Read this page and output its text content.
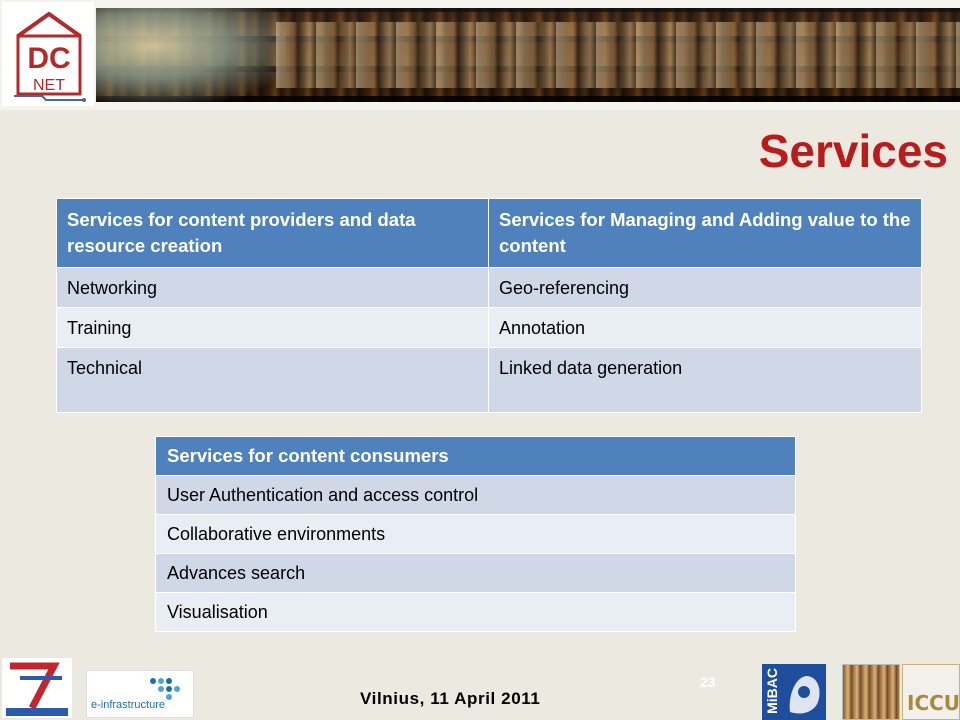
DC
NET
Services
Services for content providers and data resource creation	Services for Managing and Adding value to the content
Networking	Geo-referencing
Training	Annotation
Technical	Linked data generation
Services for content consumers
User Authentication and access control
Collaborative environments
Advances search
Visualisation
e-infrastructure	Vilnius, 11 April 2011
23	MiBAC	ICCU
